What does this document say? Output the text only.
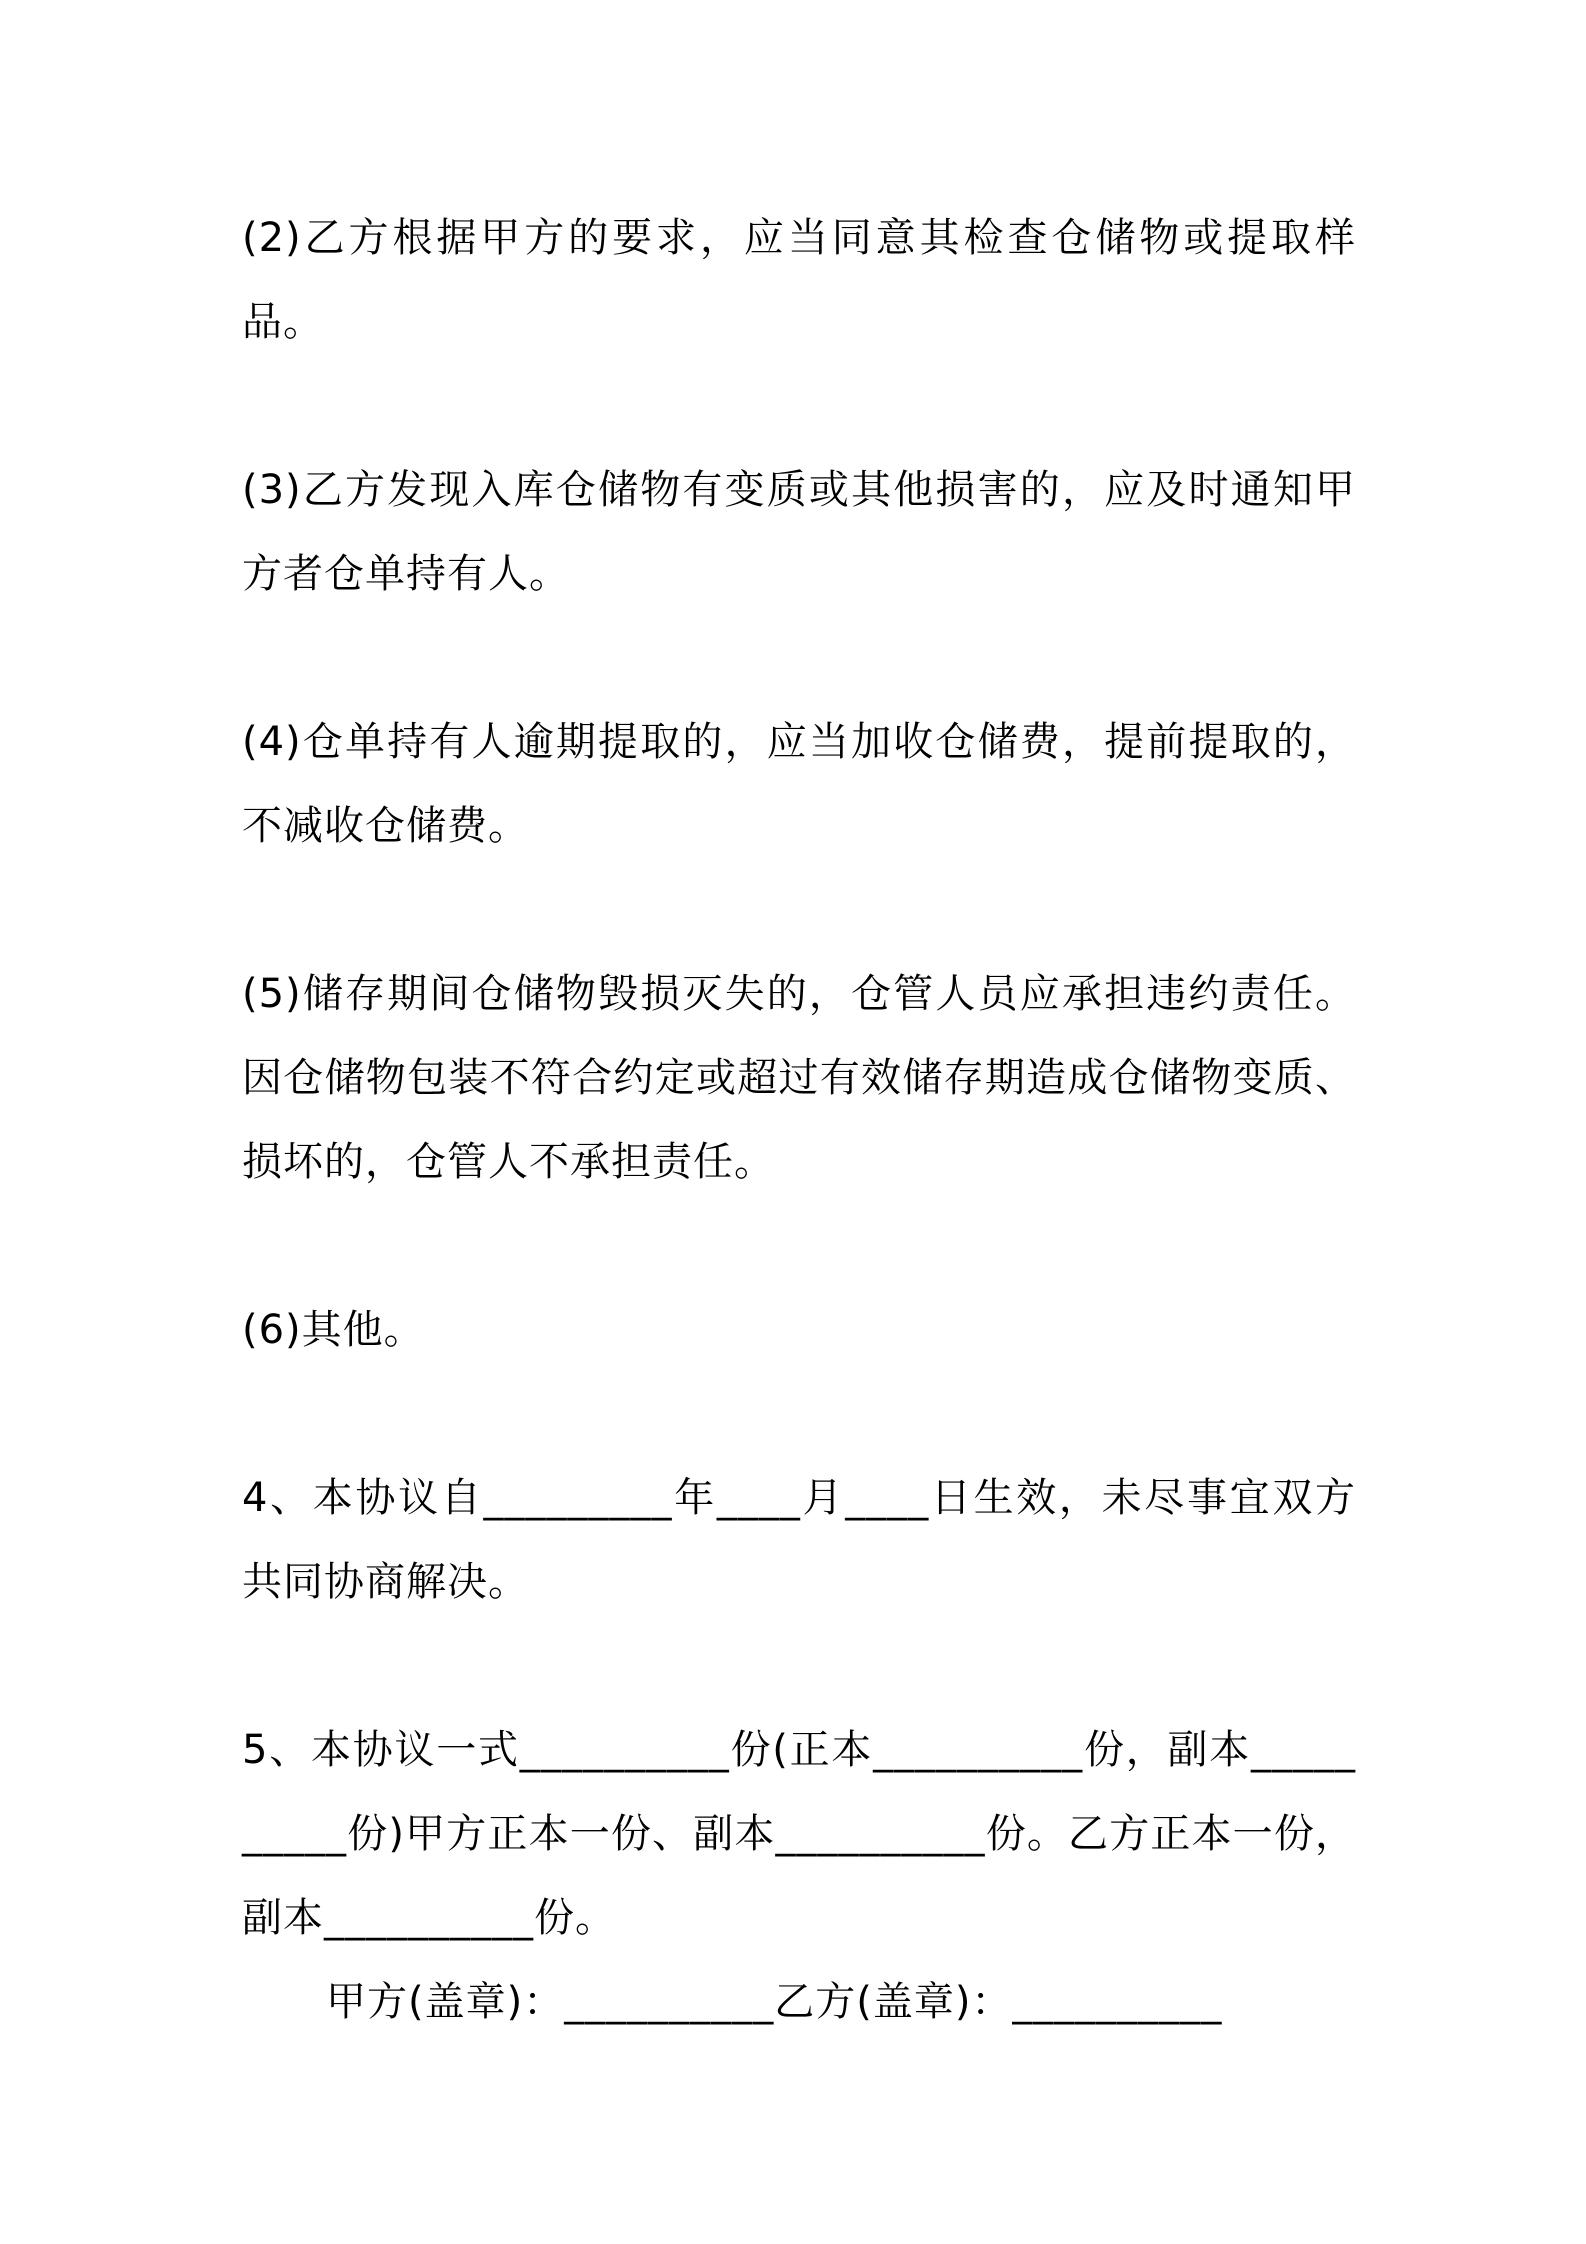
(2)乙方根据甲方的要求，应当同意其检查仓储物或提取样品。

(3)乙方发现入库仓储物有变质或其他损害的，应及时通知甲方者仓单持有人。

(4)仓单持有人逾期提取的，应当加收仓储费，提前提取的，不减收仓储费。

(5)储存期间仓储物毁损灭失的，仓管人员应承担违约责任。因仓储物包装不符合约定或超过有效储存期造成仓储物变质、损坏的，仓管人不承担责任。

(6)其他。

4、本协议自_________年____月____日生效，未尽事宜双方共同协商解决。

5、本协议一式__________份(正本__________份，副本__________份)甲方正本一份、副本__________份。乙方正本一份，副本__________份。

甲方(盖章)：__________乙方(盖章)：__________
